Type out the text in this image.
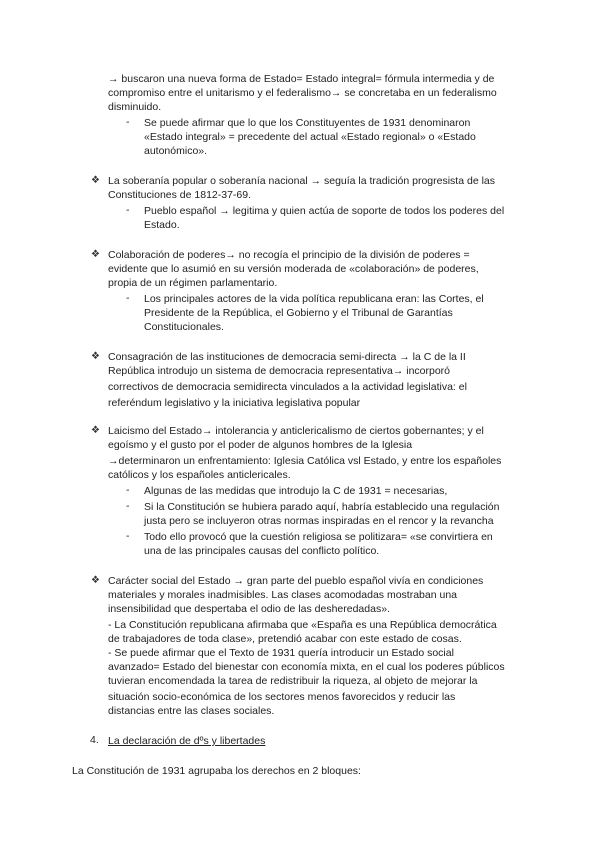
→ buscaron una nueva forma de Estado= Estado integral= fórmula intermedia y de
compromiso entre el unitarismo y el federalismo→ se concretaba en un federalismo
disminuido.
- Se puede afirmar que lo que los Constituyentes de 1931 denominaron
«Estado integral» = precedente del actual «Estado regional» o «Estado
autonómico».
❖ La soberanía popular o soberanía nacional → seguía la tradición progresista de las
Constituciones de 1812-37-69.
- Pueblo español → legitima y quien actúa de soporte de todos los poderes del
Estado.
❖ Colaboración de poderes→ no recogía el principio de la división de poderes =
evidente que lo asumió en su versión moderada de «colaboración» de poderes,
propia de un régimen parlamentario.
- Los principales actores de la vida política republicana eran: las Cortes, el
Presidente de la República, el Gobierno y el Tribunal de Garantías
Constitucionales.
❖ Consagración de las instituciones de democracia semi-directa → la C de la II
República introdujo un sistema de democracia representativa→ incorporó
correctivos de democracia semidirecta vinculados a la actividad legislativa: el
referéndum legislativo y la iniciativa legislativa popular
❖ Laicismo del Estado→ intolerancia y anticlericalismo de ciertos gobernantes; y el
egoísmo y el gusto por el poder de algunos hombres de la Iglesia
→determinaron un enfrentamiento: Iglesia Católica vsl Estado, y entre los españoles
católicos y los españoles anticlericales.
- Algunas de las medidas que introdujo la C de 1931 = necesarias,
- Si la Constitución se hubiera parado aquí, habría establecido una regulación
justa pero se incluyeron otras normas inspiradas en el rencor y la revancha
- Todo ello provocó que la cuestión religiosa se politizara= «se convirtiera en
una de las principales causas del conflicto político.
❖ Carácter social del Estado → gran parte del pueblo español vivía en condiciones
materiales y morales inadmisibles. Las clases acomodadas mostraban una
insensibilidad que despertaba el odio de las desheredadas».
- La Constitución republicana afirmaba que «España es una República democrática
de trabajadores de toda clase», pretendió acabar con este estado de cosas.
- Se puede afirmar que el Texto de 1931 quería introducir un Estado social
avanzado= Estado del bienestar con economía mixta, en el cual los poderes públicos
tuvieran encomendada la tarea de redistribuir la riqueza, al objeto de mejorar la
situación socio-económica de los sectores menos favorecidos y reducir las
distancias entre las clases sociales.
4. La declaración de dºs y libertades
La Constitución de 1931 agrupaba los derechos en 2 bloques:
